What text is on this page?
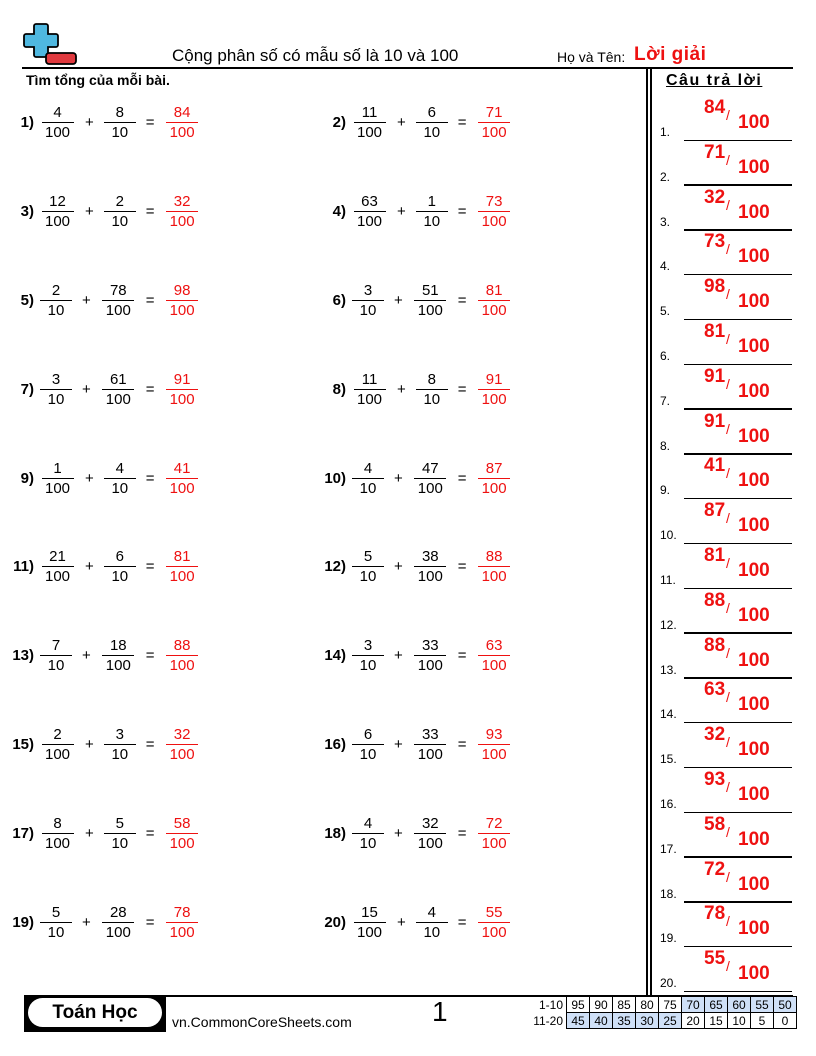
Cộng phân số có mẫu số là 10 và 100	Họ và Tên: Lời giải
Tìm tổng của mỗi bài.	Câu trả lời
$1) \frac{4}{100} + \frac{8}{10} = \frac{84}{100}$	$2) \frac{11}{100} + \frac{6}{10} = \frac{71}{100}$
$3) \frac{12}{100} + \frac{2}{10} = \frac{32}{100}$	$4) \frac{63}{100} + \frac{1}{10} = \frac{73}{100}$
$5) \frac{2}{10} + \frac{78}{100} = \frac{98}{100}$	$6) \frac{3}{10} + \frac{51}{100} = \frac{81}{100}$
$7) \frac{3}{10} + \frac{61}{100} = \frac{91}{100}$	$8) \frac{11}{100} + \frac{8}{10} = \frac{91}{100}$
$9) \frac{1}{100} + \frac{4}{10} = \frac{41}{100}$	$10) \frac{4}{10} + \frac{47}{100} = \frac{87}{100}$
$11) \frac{21}{100} + \frac{6}{10} = \frac{81}{100}$	$12) \frac{5}{10} + \frac{38}{100} = \frac{88}{100}$
$13) \frac{7}{10} + \frac{18}{100} = \frac{88}{100}$	$14) \frac{3}{10} + \frac{33}{100} = \frac{63}{100}$
$15) \frac{2}{100} + \frac{3}{10} = \frac{32}{100}$	$16) \frac{6}{10} + \frac{33}{100} = \frac{93}{100}$
$17) \frac{8}{100} + \frac{5}{10} = \frac{58}{100}$	$18) \frac{4}{10} + \frac{32}{100} = \frac{72}{100}$
$19) \frac{5}{10} + \frac{28}{100} = \frac{78}{100}$	$20) \frac{15}{100} + \frac{4}{10} = \frac{55}{100}$
1.
84 / 100
2.
71 / 100
3.
32 / 100
4.
73 / 100
5.
98 / 100
6.
81 / 100
7.
91 / 100
8.
91 / 100
9.
41 / 100
10.
87 / 100
11.
81 / 100
12.
88 / 100
13.
88 / 100
14.
63 / 100
15.
32 / 100
16.
93 / 100
17.
58 / 100
18.
72 / 100
19.
78 / 100
20.
55 / 100
Toán Học	vn.CommonCoreSheets.com	1	1-10	95	90	85	80	75	70	65	60	55	50
11-20	45	40	35	30	25	20	15	10	5	0
